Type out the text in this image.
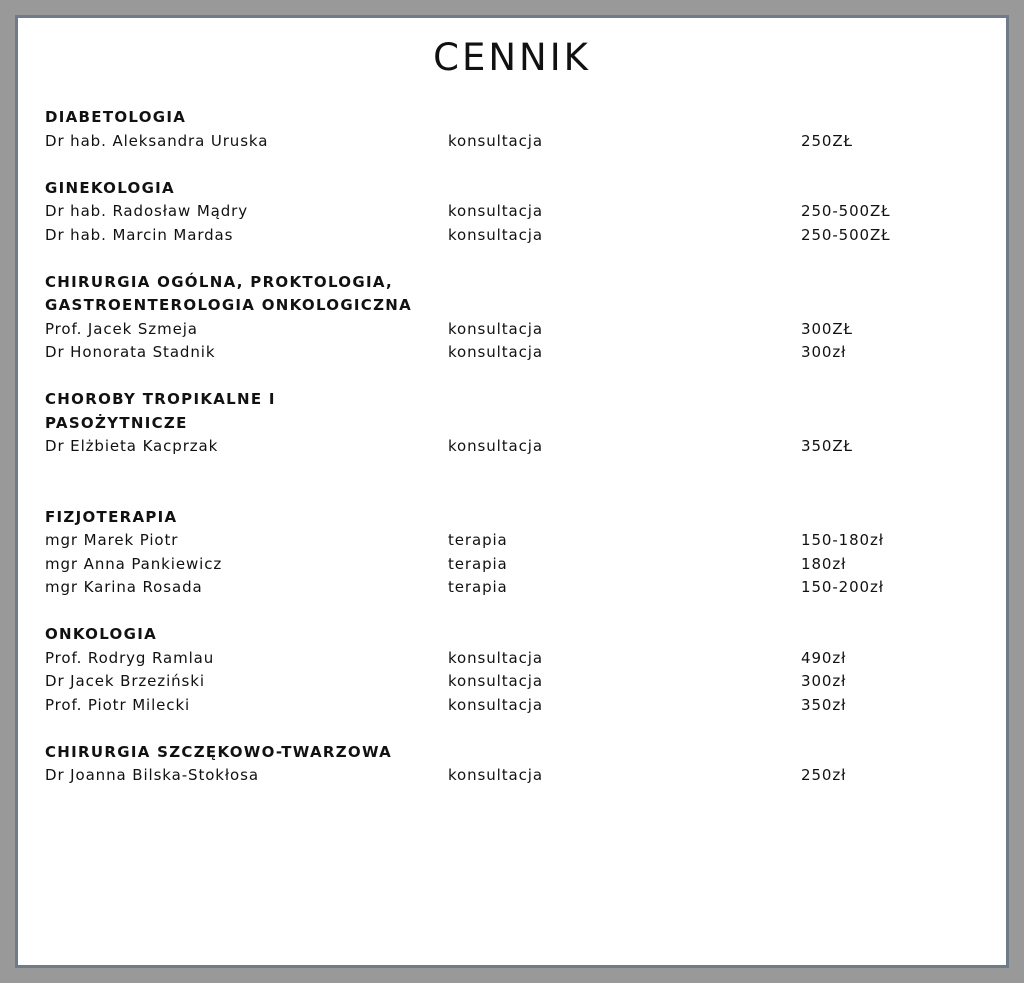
CENNIK
DIABETOLOGIA
Dr hab. Aleksandra Uruska	konsultacja	250ZŁ
GINEKOLOGIA
Dr hab. Radosław Mądry	konsultacja	250-500ZŁ
Dr hab. Marcin Mardas	konsultacja	250-500ZŁ
CHIRURGIA OGÓLNA, PROKTOLOGIA,
GASTROENTEROLOGIA ONKOLOGICZNA
Prof. Jacek Szmeja	konsultacja	300ZŁ
Dr Honorata Stadnik	konsultacja	300zł
CHOROBY TROPIKALNE I
PASOŻYTNICZE
Dr Elżbieta Kacprzak	konsultacja	350ZŁ
FIZJOTERAPIA
mgr Marek Piotr	terapia	150-180zł
mgr Anna Pankiewicz	terapia	180zł
mgr Karina Rosada	terapia	150-200zł
ONKOLOGIA
Prof. Rodryg Ramlau	konsultacja	490zł
Dr Jacek Brzeziński	konsultacja	300zł
Prof. Piotr Milecki	konsultacja	350zł
CHIRURGIA SZCZĘKOWO-TWARZOWA
Dr Joanna Bilska-Stokłosa	konsultacja	250zł
